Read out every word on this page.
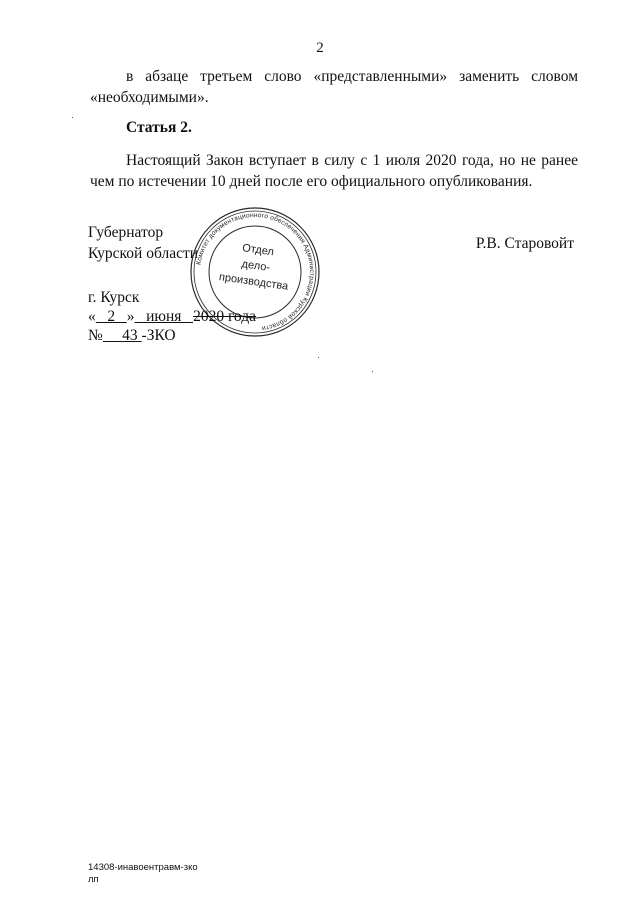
2
в абзаце третьем слово «представленными» заменить словом «необходимыми».
Статья 2.
Настоящий Закон вступает в силу с 1 июля 2020 года, но не ранее чем по истечении 10 дней после его официального опубликования.
Губернатор
Курской области
Р.В. Старовойт
Комитет документационного обеспечения Администрации Курской области
Отдел
дело-
производства
г. Курск
« 2 » июня 2020 года
№ 43 -ЗКО
14308-инавоентравм-зко
лп
